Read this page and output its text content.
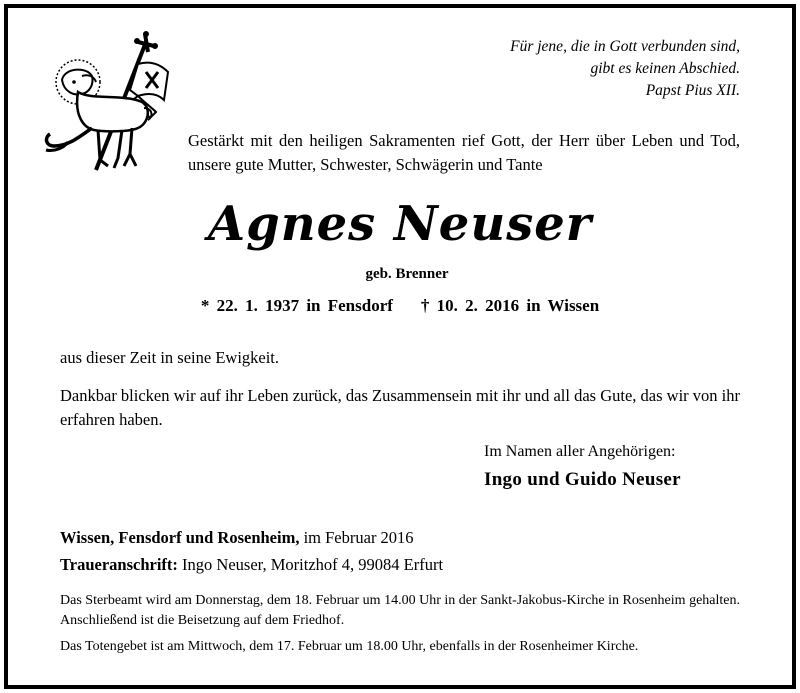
Für jene, die in Gott verbunden sind,
gibt es keinen Abschied.
Papst Pius XII.
Gestärkt mit den heiligen Sakramenten rief Gott, der Herr über Leben und Tod, unsere gute Mutter, Schwester, Schwägerin und Tante
Agnes Neuser
geb. Brenner
* 22. 1. 1937 in Fensdorf † 10. 2. 2016 in Wissen
aus dieser Zeit in seine Ewigkeit.
Dankbar blicken wir auf ihr Leben zurück, das Zusammensein mit ihr und all das Gute, das wir von ihr erfahren haben.
Im Namen aller Angehörigen:
Ingo und Guido Neuser
Wissen, Fensdorf und Rosenheim, im Februar 2016
Traueranschrift: Ingo Neuser, Moritzhof 4, 99084 Erfurt
Das Sterbeamt wird am Donnerstag, dem 18. Februar um 14.00 Uhr in der Sankt-Jakobus-Kirche in Rosenheim gehalten. Anschließend ist die Beisetzung auf dem Friedhof.
Das Totengebet ist am Mittwoch, dem 17. Februar um 18.00 Uhr, ebenfalls in der Rosenheimer Kirche.
